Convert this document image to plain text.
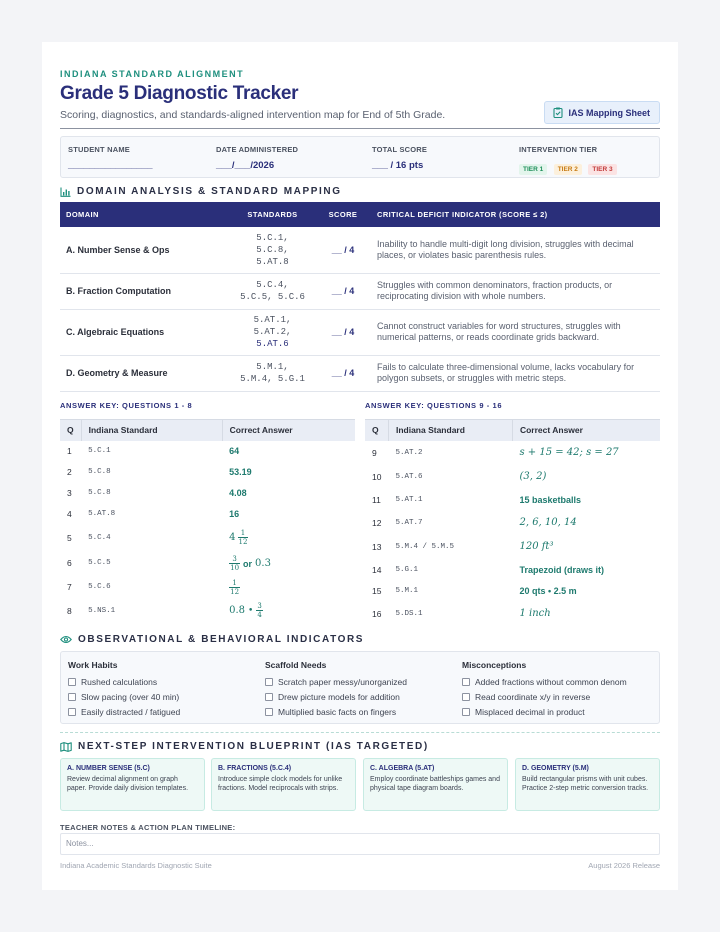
INDIANA STANDARD ALIGNMENT
Grade 5 Diagnostic Tracker
Scoring, diagnostics, and standards-aligned intervention map for End of 5th Grade.	IAS Mapping Sheet
STUDENT NAME
________________
DATE ADMINISTERED
___/___/2026
TOTAL SCORE
___ / 16 pts
INTERVENTION TIER
TIER 1 TIER 2 TIER 3
DOMAIN ANALYSIS & STANDARD MAPPING
DOMAIN	STANDARDS	SCORE	CRITICAL DEFICIT INDICATOR (SCORE ≤ 2)
A. Number Sense & Ops	5.C.1,
5.C.8,
5.AT.8	__ / 4	Inability to handle multi-digit long division, struggles with decimal places, or violates basic parenthesis rules.
B. Fraction Computation	5.C.4,
5.C.5, 5.C.6	__ / 4	Struggles with common denominators, fraction products, or reciprocating division with whole numbers.
C. Algebraic Equations	5.AT.1,
5.AT.2,
5.AT.6	__ / 4	Cannot construct variables for word structures, struggles with numerical patterns, or reads coordinate grids backward.
D. Geometry & Measure	5.M.1,
5.M.4, 5.G.1	__ / 4	Fails to calculate three-dimensional volume, lacks vocabulary for polygon subsets, or struggles with metric steps.
ANSWER KEY: QUESTIONS 1 - 8
Q	Indiana Standard	Correct Answer
1	5.C.1	64
2	5.C.8	53.19
3	5.C.8	4.08
4	5.AT.8	16
5	5.C.4	4 1
12

6	5.C.5	3
10 or 0.3

7	5.C.6	$\frac{1}{12}$

8	5.NS.1	0.8 • 3
4
ANSWER KEY: QUESTIONS 9 - 16
Q	Indiana Standard	Correct Answer
9	5.AT.2	s + 15 = 42; s = 27
10	5.AT.6	(3, 2)
11	5.AT.1	15 basketballs
12	5.AT.7	2, 6, 10, 14
13	5.M.4 / 5.M.5	120 ft³
14	5.G.1	Trapezoid (draws it)
15	5.M.1	20 qts • 2.5 m
16	5.DS.1	1 inch
OBSERVATIONAL & BEHAVIORAL INDICATORS
Work Habits
Rushed calculations
Slow pacing (over 40 min)
Easily distracted / fatigued
Scaffold Needs
Scratch paper messy/unorganized
Drew picture models for addition
Multiplied basic facts on fingers
Misconceptions
Added fractions without common denom
Read coordinate x/y in reverse
Misplaced decimal in product
NEXT-STEP INTERVENTION BLUEPRINT (IAS TARGETED)
A. NUMBER SENSE (5.C)
Review decimal alignment on graph paper. Provide daily division templates.
B. FRACTIONS (5.C.4)
Introduce simple clock models for unlike fractions. Model reciprocals with strips.
C. ALGEBRA (5.AT)
Employ coordinate battleships games and physical tape diagram boards.
D. GEOMETRY (5.M)
Build rectangular prisms with unit cubes. Practice 2-step metric conversion tracks.
TEACHER NOTES & ACTION PLAN TIMELINE:
Notes...
Indiana Academic Standards Diagnostic Suite	August 2026 Release
